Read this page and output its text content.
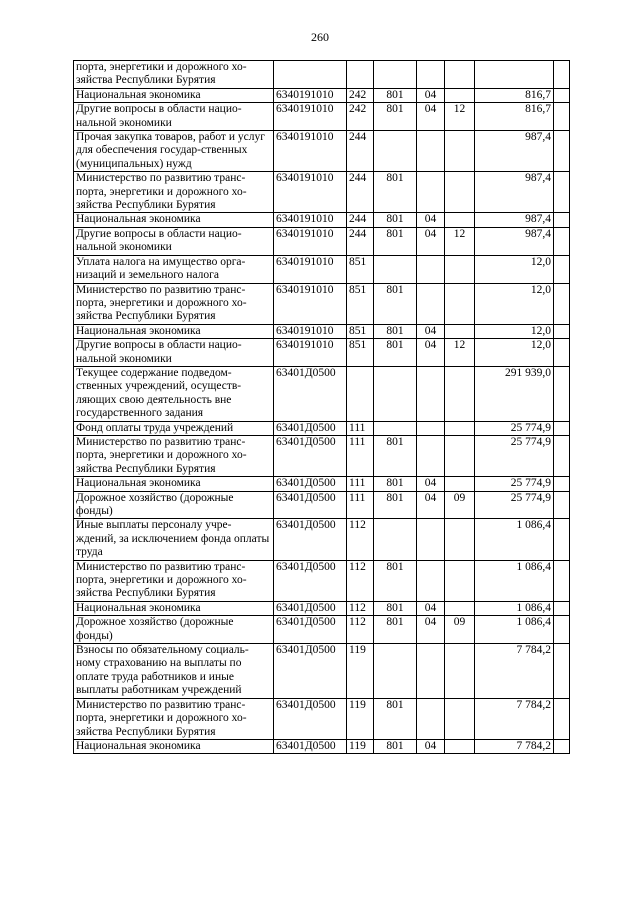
260
порта, энергетики и дорожного хо-зяйства Республики Бурятия							
Национальная экономика	6340191010	242	801	04		816,7	
Другие вопросы в области нацио-нальной экономики	6340191010	242	801	04	12	816,7	
Прочая закупка товаров, работ и услуг для обеспечения государ-ственных (муниципальных) нужд	6340191010	244				987,4	
Министерство по развитию транс-порта, энергетики и дорожного хо-зяйства Республики Бурятия	6340191010	244	801			987,4	
Национальная экономика	6340191010	244	801	04		987,4	
Другие вопросы в области нацио-нальной экономики	6340191010	244	801	04	12	987,4	
Уплата налога на имущество орга-низаций и земельного налога	6340191010	851				12,0	
Министерство по развитию транс-порта, энергетики и дорожного хо-зяйства Республики Бурятия	6340191010	851	801			12,0	
Национальная экономика	6340191010	851	801	04		12,0	
Другие вопросы в области нацио-нальной экономики	6340191010	851	801	04	12	12,0	
Текущее содержание подведом-ственных учреждений, осуществ-ляющих свою деятельность вне государственного задания	63401Д0500					291 939,0	
Фонд оплаты труда учреждений	63401Д0500	111				25 774,9	
Министерство по развитию транс-порта, энергетики и дорожного хо-зяйства Республики Бурятия	63401Д0500	111	801			25 774,9	
Национальная экономика	63401Д0500	111	801	04		25 774,9	
Дорожное хозяйство (дорожные фонды)	63401Д0500	111	801	04	09	25 774,9	
Иные выплаты персоналу учре-ждений, за исключением фонда оплаты труда	63401Д0500	112				1 086,4	
Министерство по развитию транс-порта, энергетики и дорожного хо-зяйства Республики Бурятия	63401Д0500	112	801			1 086,4	
Национальная экономика	63401Д0500	112	801	04		1 086,4	
Дорожное хозяйство (дорожные фонды)	63401Д0500	112	801	04	09	1 086,4	
Взносы по обязательному социаль-ному страхованию на выплаты по оплате труда работников и иные выплаты работникам учреждений	63401Д0500	119				7 784,2	
Министерство по развитию транс-порта, энергетики и дорожного хо-зяйства Республики Бурятия	63401Д0500	119	801			7 784,2	
Национальная экономика	63401Д0500	119	801	04		7 784,2	
